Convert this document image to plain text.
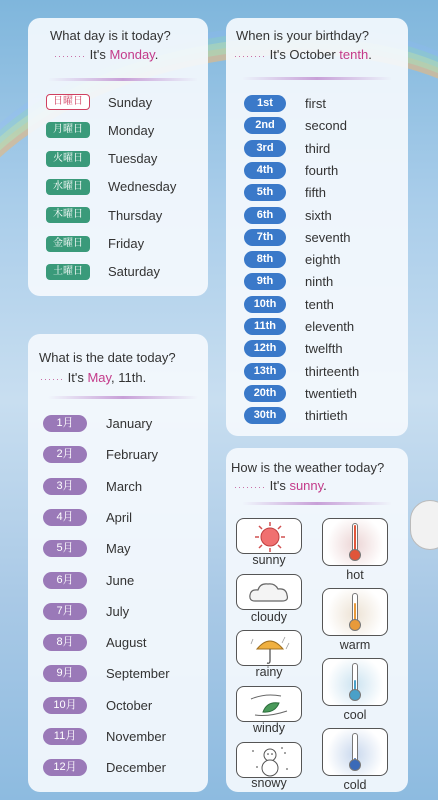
What day is it today?
········ It's Monday.
日曜日	Sunday
月曜日	Monday
火曜日	Tuesday
水曜日	Wednesday
木曜日	Thursday
金曜日	Friday
土曜日	Saturday
When is your birthday?
········ It's October tenth.
1st	first
2nd	second
3rd	third
4th	fourth
5th	fifth
6th	sixth
7th	seventh
8th	eighth
9th	ninth
10th	tenth
11th	eleventh
12th	twelfth
13th	thirteenth
20th	twentieth
30th	thirtieth
What is the date today?
······ It's May, 11th.
1月	January
2月	February
3月	March
4月	April
5月	May
6月	June
7月	July
8月	August
9月	September
10月	October
11月	November
12月	December
How is the weather today?
········ It's sunny.
sunny
cloudy
rainy
windy
snowy
hot
warm
cool
cold
